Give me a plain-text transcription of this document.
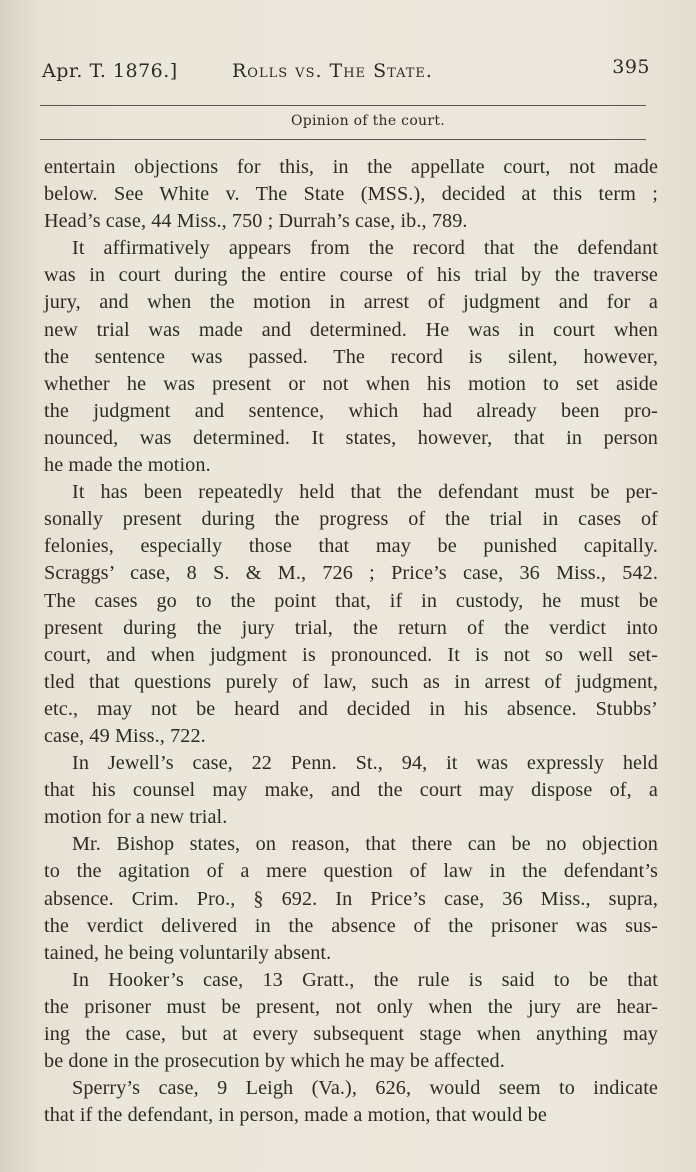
Apr. T. 1876.]	Rolls vs. The State.	395
Opinion of the court.
entertain objections for this, in the appellate court, not made
below. See White v. The State (MSS.), decided at this term ;
Head’s case, 44 Miss., 750 ; Durrah’s case, ib., 789.
It affirmatively appears from the record that the defendant
was in court during the entire course of his trial by the traverse
jury, and when the motion in arrest of judgment and for a
new trial was made and determined. He was in court when
the sentence was passed. The record is silent, however,
whether he was present or not when his motion to set aside
the judgment and sentence, which had already been pro-
nounced, was determined. It states, however, that in person
he made the motion.
It has been repeatedly held that the defendant must be per-
sonally present during the progress of the trial in cases of
felonies, especially those that may be punished capitally.
Scraggs’ case, 8 S. & M., 726 ; Price’s case, 36 Miss., 542.
The cases go to the point that, if in custody, he must be
present during the jury trial, the return of the verdict into
court, and when judgment is pronounced. It is not so well set-
tled that questions purely of law, such as in arrest of judgment,
etc., may not be heard and decided in his absence. Stubbs’
case, 49 Miss., 722.
In Jewell’s case, 22 Penn. St., 94, it was expressly held
that his counsel may make, and the court may dispose of, a
motion for a new trial.
Mr. Bishop states, on reason, that there can be no objection
to the agitation of a mere question of law in the defendant’s
absence. Crim. Pro., § 692. In Price’s case, 36 Miss., supra,
the verdict delivered in the absence of the prisoner was sus-
tained, he being voluntarily absent.
In Hooker’s case, 13 Gratt., the rule is said to be that
the prisoner must be present, not only when the jury are hear-
ing the case, but at every subsequent stage when anything may
be done in the prosecution by which he may be affected.
Sperry’s case, 9 Leigh (Va.), 626, would seem to indicate
that if the defendant, in person, made a motion, that would be
